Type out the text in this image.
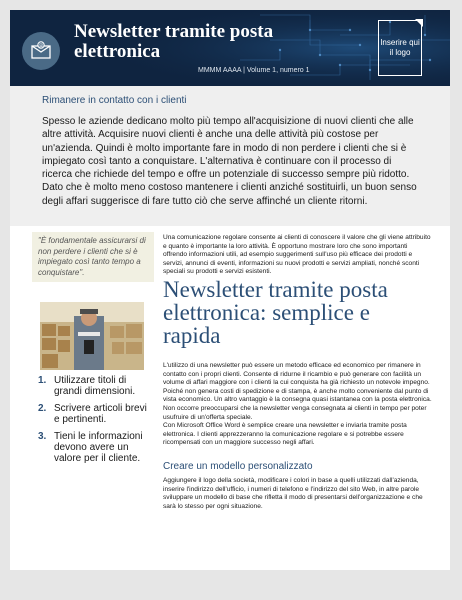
@
Newsletter tramite posta elettronica
MMMM AAAA | Volume 1, numero 1
Inserire qui il logo
Rimanere in contatto con i clienti

Spesso le aziende dedicano molto più tempo all'acquisizione di nuovi clienti che alle altre attività. Acquisire nuovi clienti è anche una delle attività più costose per un'azienda. Quindi è molto importante fare in modo di non perdere i clienti che si è impiegato così tanto a conquistare. L'alternativa è continuare con il processo di ricerca che richiede del tempo e offre un potenziale di successo sempre più ridotto. Dato che è molto meno costoso mantenere i clienti anziché sostituirli, un buon senso degli affari suggerisce di fare tutto ciò che serve affinché un cliente ritorni.

"È fondamentale assicurarsi di non perdere i clienti che si è impiegato così tanto tempo a conquistare".
1. Utilizzare titoli di grandi dimensioni.
2. Scrivere articoli brevi e pertinenti.
3. Tieni le informazioni devono avere un valore per il cliente.

Una comunicazione regolare consente ai clienti di conoscere il valore che gli viene attribuito e quanto è importante la loro attività. È opportuno mostrare loro che sono importanti offrendo informazioni utili, ad esempio suggerimenti sull'uso più efficace dei prodotti e servizi, annunci di eventi, informazioni su nuovi prodotti e servizi ampliati, nonché sconti speciali su prodotti e servizi esistenti.

Newsletter tramite posta elettronica: semplice e rapida

L'utilizzo di una newsletter può essere un metodo efficace ed economico per rimanere in contatto con i propri clienti. Consente di ridurne il ricambio e può generare con facilità un volume di affari maggiore con i clienti la cui conquista ha già richiesto un notevole impegno. Poiché non genera costi di spedizione e di stampa, è anche molto conveniente dal punto di vista economico. Un altro vantaggio è la consegna quasi istantanea con la posta elettronica. Non occorre preoccuparsi che la newsletter venga consegnata ai clienti in tempo per poter usufruire di un'offerta speciale.

Con Microsoft Office Word è semplice creare una newsletter e inviarla tramite posta elettronica. I clienti apprezzeranno la comunicazione regolare e si potrebbe essere ricompensati con un maggiore successo negli affari.

Creare un modello personalizzato

Aggiungere il logo della società, modificare i colori in base a quelli utilizzati dall'azienda, inserire l'indirizzo dell'ufficio, i numeri di telefono e l'indirizzo del sito Web, in altre parole sviluppare un modello di base che rifletta il modo di presentarsi dell'organizzazione e che sarà lo stesso per ogni situazione.
